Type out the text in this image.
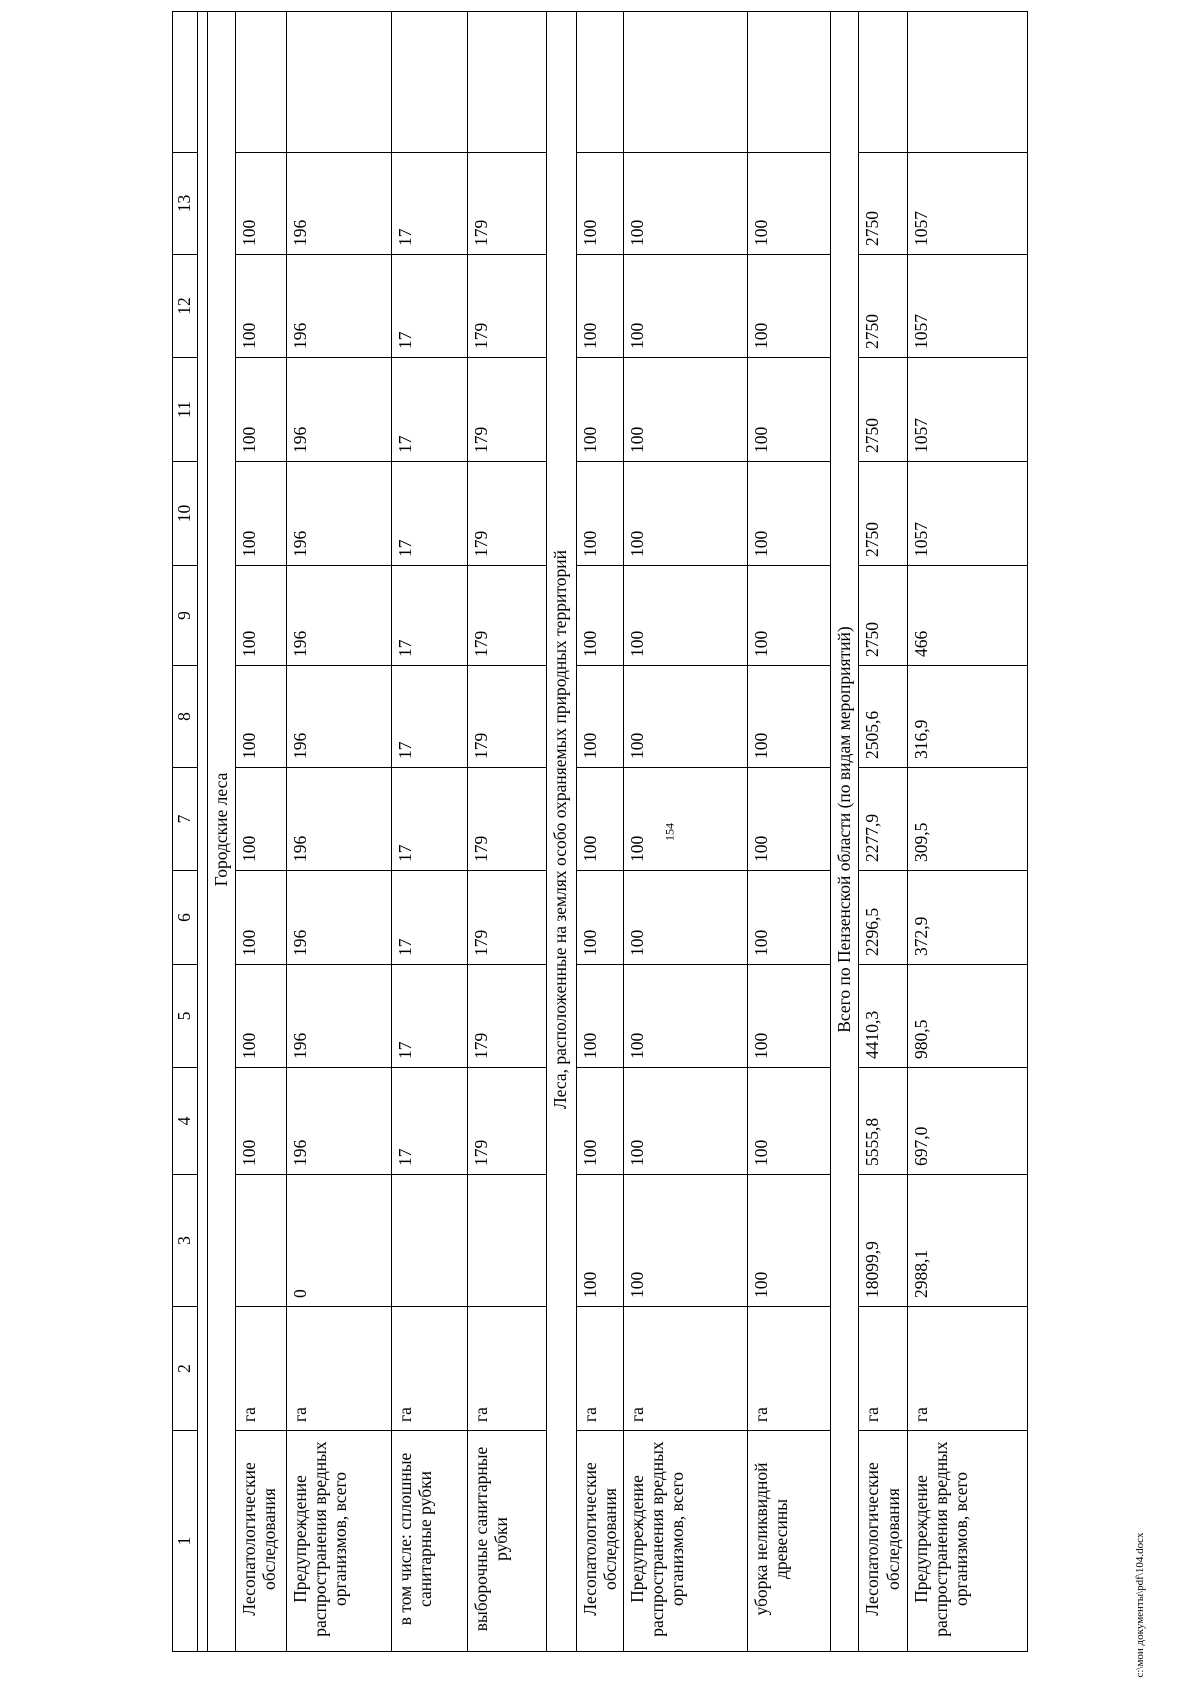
154
1	2	3	4	5	6	7	8	9	10	11	12	13	

Городские леса													
Лесопатологические обследования	га		100	100	100	100	100	100	100	100	100	100	
Предупреждение распространения вредных организмов, всего	га	0	196	196	196	196	196	196	196	196	196	196	
в том числе: сплошные санитарные рубки	га		17	17	17	17	17	17	17	17	17	17	
выборочные санитарные рубки	га		179	179	179	179	179	179	179	179	179	179	
Леса, расположенные на землях особо охраняемых природных территорий													
Лесопатологические обследования	га	100	100	100	100	100	100	100	100	100	100	100	
Предупреждение распространения вредных организмов, всего	га	100	100	100	100	100	100	100	100	100	100	100	
уборка неликвидной древесины	га	100	100	100	100	100	100	100	100	100	100	100	
Всего по Пензенской области (по видам мероприятий)													
Лесопатологические обследования	га	18099,9	5555,8	4410,3	2296,5	2277,9	2505,6	2750	2750	2750	2750	2750	
Предупреждение распространения вредных организмов, всего	га	2988,1	697,0	980,5	372,9	309,5	316,9	466	1057	1057	1057	1057	
c:\мои документы\pdf\104.docx
